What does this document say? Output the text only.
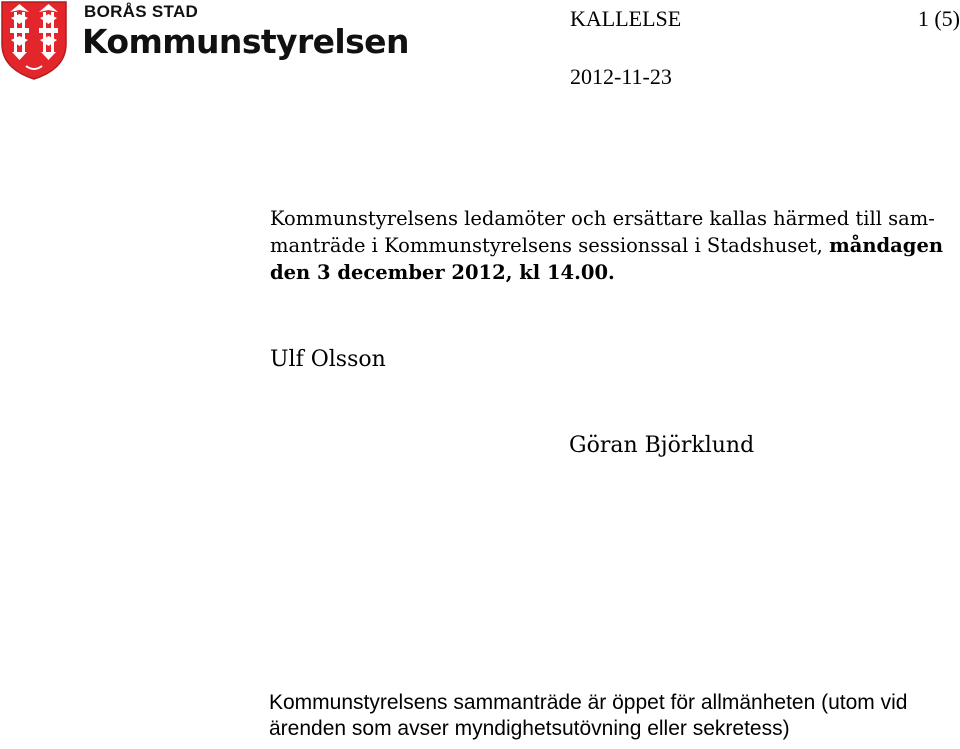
BORÅS STAD
Kommunstyrelsen
KALLELSE	1 (5)
2012-11-23
Kommunstyrelsens ledamöter och ersättare kallas härmed till sam-
manträde i Kommunstyrelsens sessionssal i Stadshuset, måndagen
den 3 december 2012, kl 14.00.
Ulf Olsson
Göran Björklund
Kommunstyrelsens sammanträde är öppet för allmänheten (utom vid
ärenden som avser myndighetsutövning eller sekretess)
